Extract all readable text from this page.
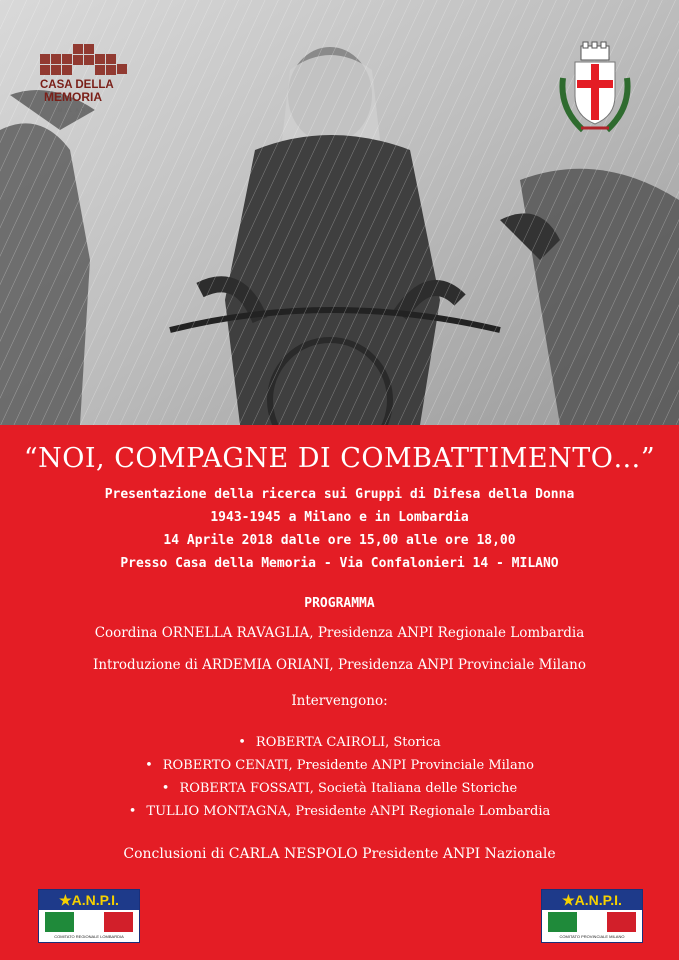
CASA DELLA
MEMORIA
MILANO
“NOI, COMPAGNE DI COMBATTIMENTO…”
Presentazione della ricerca sui Gruppi di Difesa della Donna
1943-1945 a Milano e in Lombardia
14 Aprile 2018 dalle ore 15,00 alle ore 18,00
Presso Casa della Memoria - Via Confalonieri 14 - MILANO
PROGRAMMA
Coordina ORNELLA RAVAGLIA, Presidenza ANPI Regionale Lombardia
Introduzione di ARDEMIA ORIANI, Presidenza ANPI Provinciale Milano
Intervengono:
• ROBERTA CAIROLI, Storica
• ROBERTO CENATI, Presidente ANPI Provinciale Milano
• ROBERTA FOSSATI, Società Italiana delle Storiche
• TULLIO MONTAGNA, Presidente ANPI Regionale Lombardia
Conclusioni di CARLA NESPOLO Presidente ANPI Nazionale
★A.N.P.I.
COMITATO REGIONALE LOMBARDIA
★A.N.P.I.
COMITATO PROVINCIALE MILANO
